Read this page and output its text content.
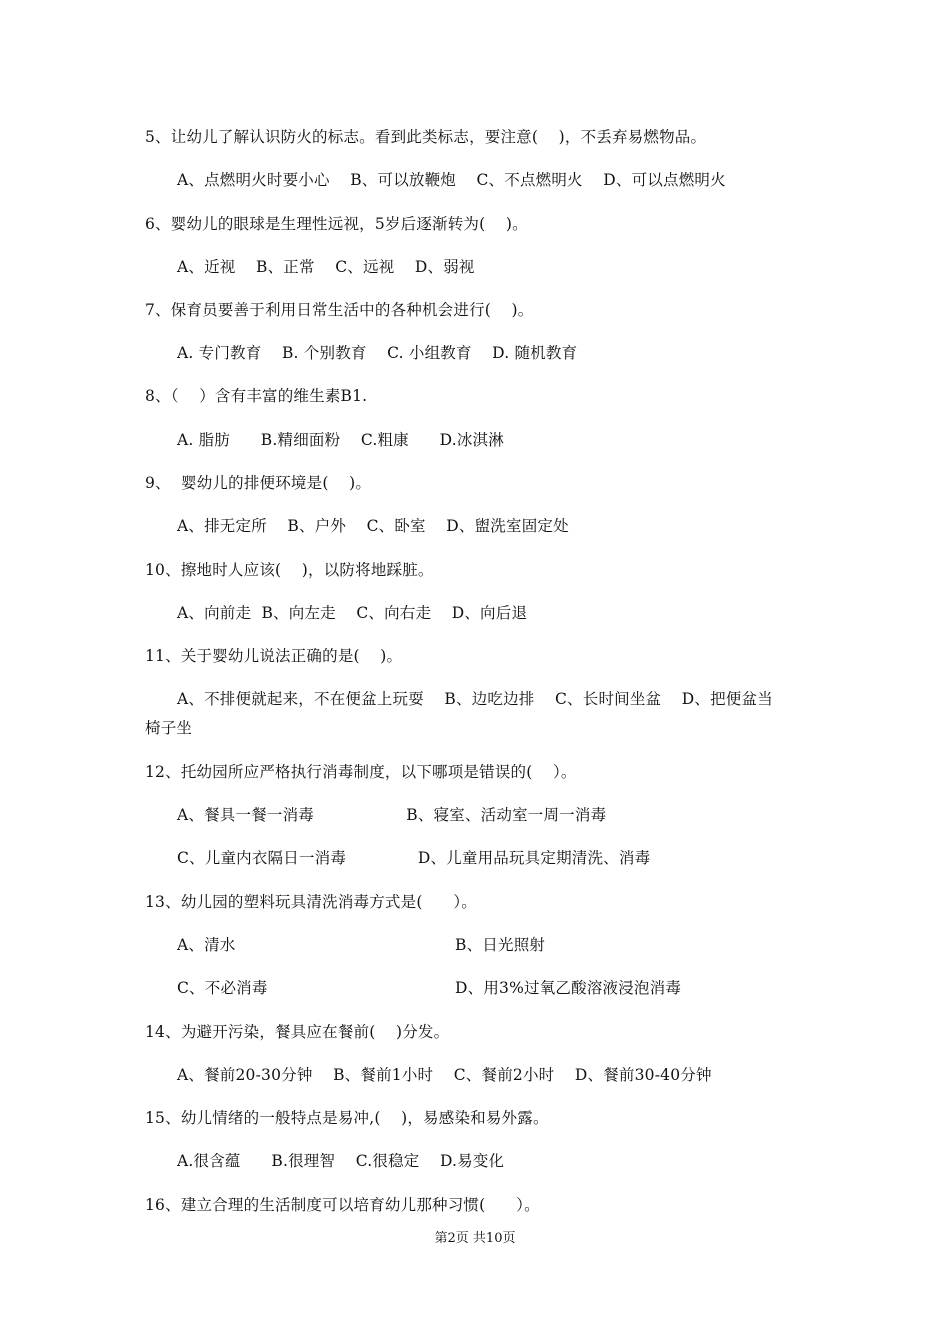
5、让幼儿了解认识防火的标志。看到此类标志，要注意(    )，不丢弃易燃物品。
A、点燃明火时要小心    B、可以放鞭炮    C、不点燃明火    D、可以点燃明火
6、婴幼儿的眼球是生理性远视，5岁后逐渐转为(    )。
A、近视    B、正常    C、远视    D、弱视
7、保育员要善于利用日常生活中的各种机会进行(    )。
A. 专门教育    B. 个别教育    C. 小组教育    D. 随机教育
8、（    ）含有丰富的维生素B1.
A. 脂肪      B.精细面粉    C.粗康      D.冰淇淋
9、  婴幼儿的排便环境是(    )。
A、排无定所    B、户外    C、卧室    D、盥洗室固定处
10、擦地时人应该(    )，以防将地踩脏。
A、向前走  B、向左走    C、向右走    D、向后退
11、关于婴幼儿说法正确的是(    )。
A、不排便就起来，不在便盆上玩耍    B、边吃边排    C、长时间坐盆    D、把便盆当
椅子坐
12、托幼园所应严格执行消毒制度，以下哪项是错误的(    ）。
A、餐具一餐一消毒                  B、寝室、活动室一周一消毒
C、儿童内衣隔日一消毒              D、儿童用品玩具定期清洗、消毒
13、幼儿园的塑料玩具清洗消毒方式是(      ）。
A、清水	B、日光照射
C、不必消毒	D、用3%过氧乙酸溶液浸泡消毒
14、为避开污染，餐具应在餐前(    )分发。
A、餐前20-30分钟    B、餐前1小时    C、餐前2小时    D、餐前30-40分钟
15、幼儿情绪的一般特点是易冲,(    )，易感染和易外露。
A.很含蕴      B.很理智    C.很稳定    D.易变化
16、建立合理的生活制度可以培育幼儿那种习惯(      ）。
第2页 共10页
